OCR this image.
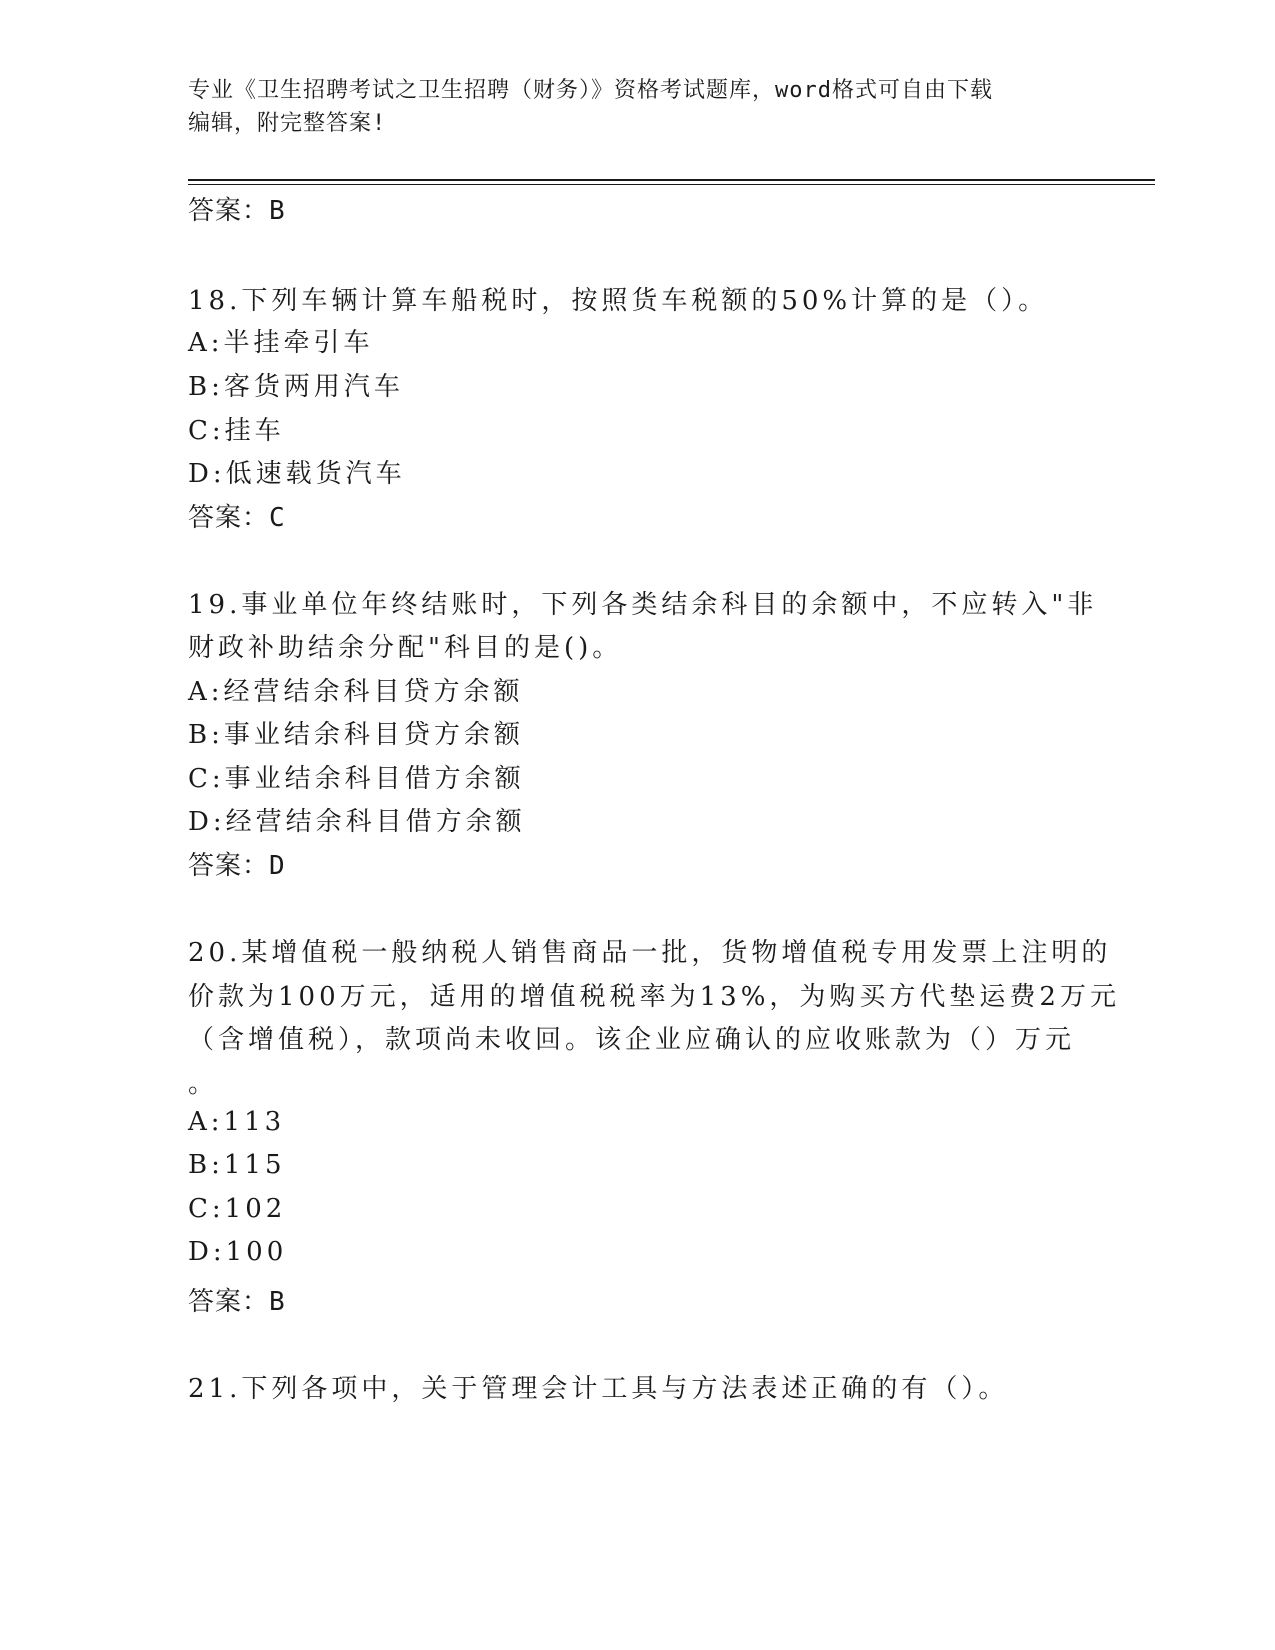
专业《卫生招聘考试之卫生招聘（财务）》资格考试题库，word格式可自由下载
编辑，附完整答案!
答案：B
18.下列车辆计算车船税时，按照货车税额的50%计算的是（）。
A:半挂牵引车
B:客货两用汽车
C:挂车
D:低速载货汽车
答案：C
19.事业单位年终结账时，下列各类结余科目的余额中，不应转入"非
财政补助结余分配"科目的是()。
A:经营结余科目贷方余额
B:事业结余科目贷方余额
C:事业结余科目借方余额
D:经营结余科目借方余额
答案：D
20.某增值税一般纳税人销售商品一批，货物增值税专用发票上注明的
价款为100万元，适用的增值税税率为13%，为购买方代垫运费2万元
（含增值税），款项尚未收回。该企业应确认的应收账款为（）万元
。
A:113
B:115
C:102
D:100
答案：B
21.下列各项中，关于管理会计工具与方法表述正确的有（）。
